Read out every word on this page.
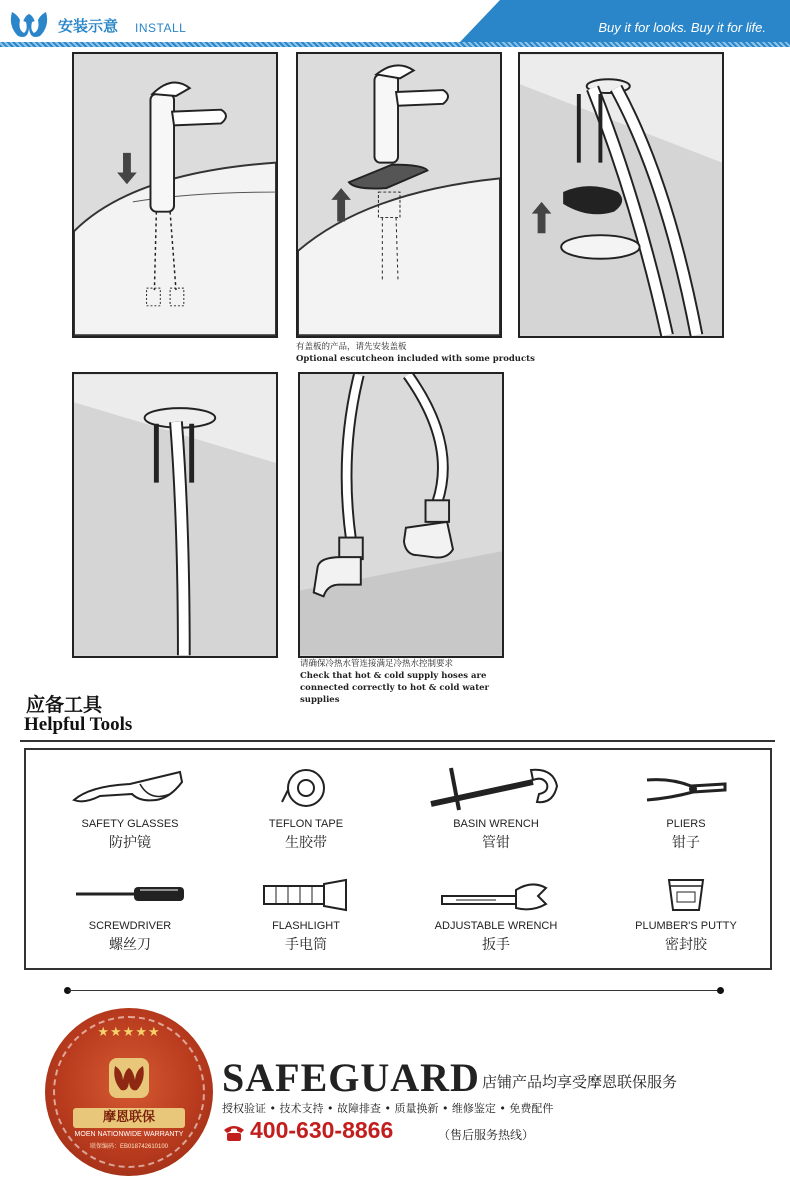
安装示意 INSTALL	Buy it for looks. Buy it for life.
有盖板的产品，请先安装盖板
Optional escutcheon included with some products
请确保冷热水管连接满足冷热水控制要求
Check that hot & cold supply hoses are
connected correctly to hot & cold water
supplies
应备工具
Helpful Tools
SAFETY GLASSES
防护镜
TEFLON TAPE
生胶带
BASIN WRENCH
管钳
PLIERS
钳子
SCREWDRIVER
螺丝刀
FLASHLIGHT
手电筒
ADJUSTABLE WRENCH
扳手
PLUMBER'S PUTTY
密封胶
★★★★★
摩恩联保
MOEN NATIONWIDE WARRANTY
联保编码：EB018742610100
SAFEGUARD 店铺产品均享受摩恩联保服务
授权验证 • 技术支持 • 故障排查 • 质量换新 • 维修鉴定 • 免费配件
400-630-8866	（售后服务热线）
